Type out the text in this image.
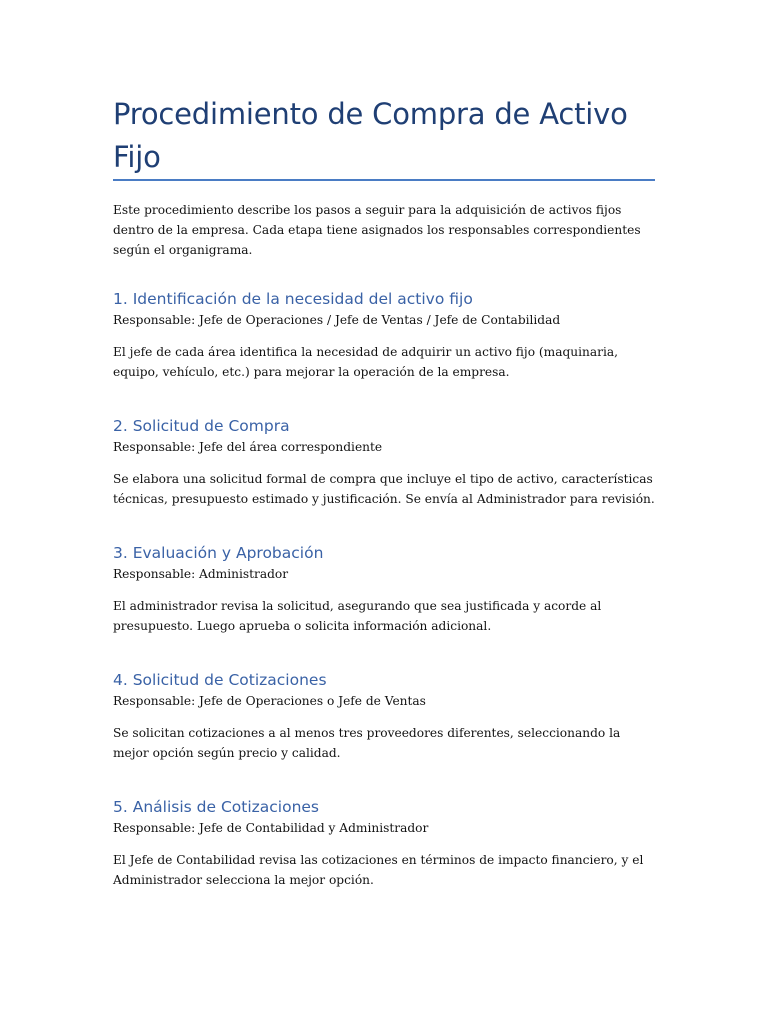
Procedimiento de Compra de Activo Fijo

Este procedimiento describe los pasos a seguir para la adquisición de activos fijos dentro de la empresa. Cada etapa tiene asignados los responsables correspondientes según el organigrama.

1. Identificación de la necesidad del activo fijo

Responsable: Jefe de Operaciones / Jefe de Ventas / Jefe de Contabilidad

El jefe de cada área identifica la necesidad de adquirir un activo fijo (maquinaria, equipo, vehículo, etc.) para mejorar la operación de la empresa.

2. Solicitud de Compra

Responsable: Jefe del área correspondiente

Se elabora una solicitud formal de compra que incluye el tipo de activo, características técnicas, presupuesto estimado y justificación. Se envía al Administrador para revisión.

3. Evaluación y Aprobación

Responsable: Administrador

El administrador revisa la solicitud, asegurando que sea justificada y acorde al presupuesto. Luego aprueba o solicita información adicional.

4. Solicitud de Cotizaciones

Responsable: Jefe de Operaciones o Jefe de Ventas

Se solicitan cotizaciones a al menos tres proveedores diferentes, seleccionando la mejor opción según precio y calidad.

5. Análisis de Cotizaciones

Responsable: Jefe de Contabilidad y Administrador

El Jefe de Contabilidad revisa las cotizaciones en términos de impacto financiero, y el Administrador selecciona la mejor opción.
